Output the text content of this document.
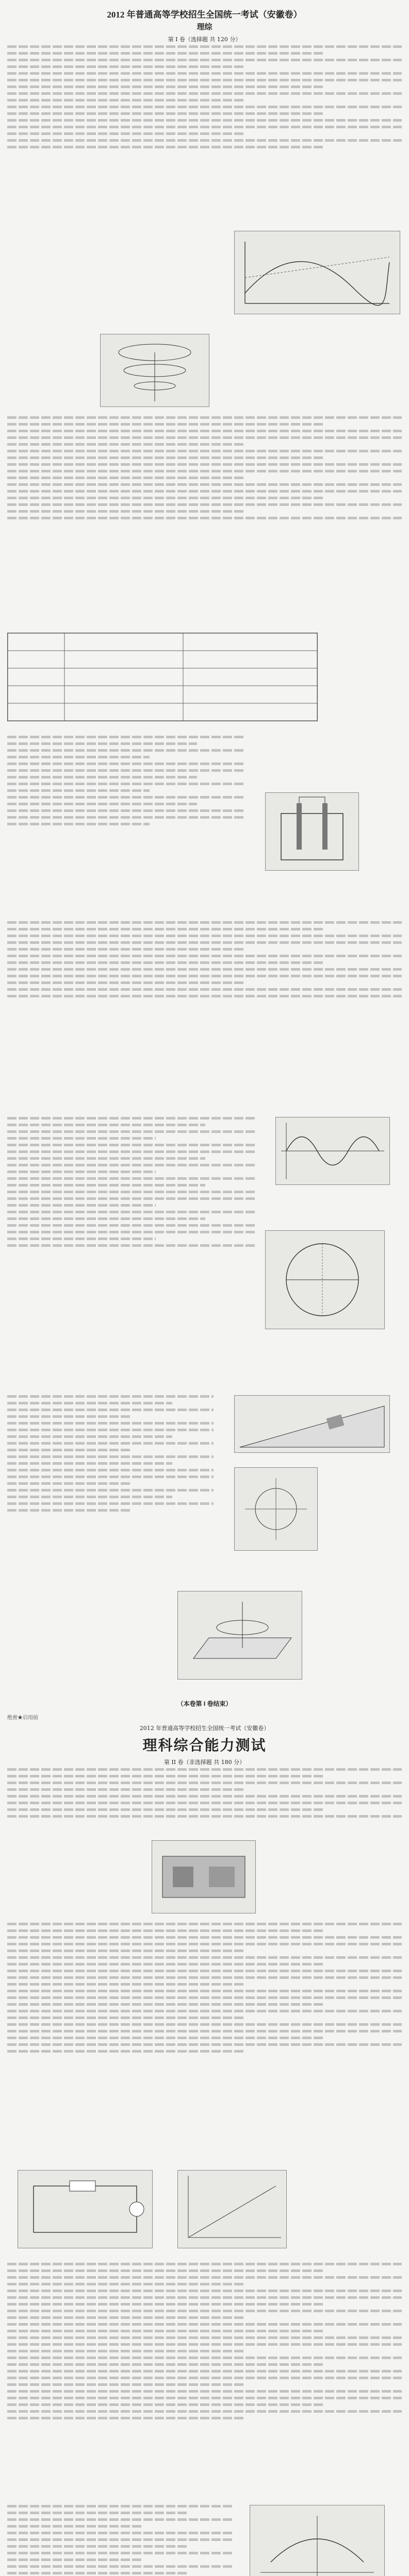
2012 年普通高等学校招生全国统一考试（安徽卷）
理综
第 I 卷（选择题 共 120 分）
（本卷第 I 卷结束）
绝密★启用前
2012 年普通高等学校招生全国统一考试（安徽卷）
理科综合能力测试
第 II 卷（非选择题 共 180 分）
